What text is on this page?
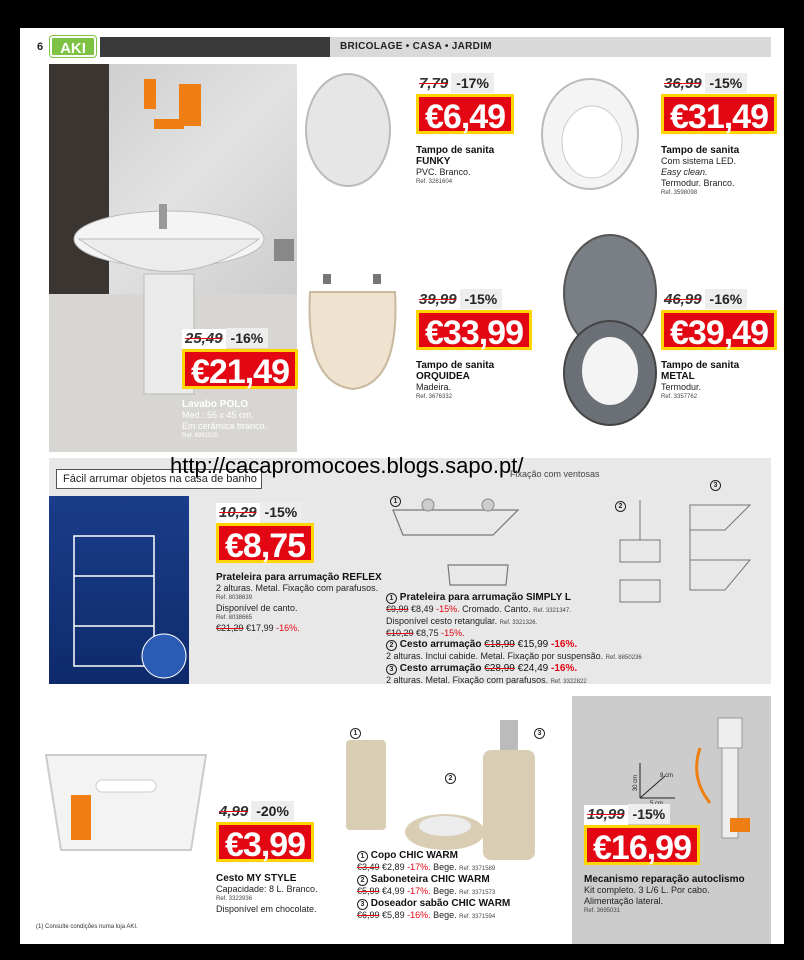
6	AKI	BRICOLAGE • CASA • JARDIM
25,49 -16%
€21,49
Lavabo POLO
Med.: 56 x 45 cm.
Em cerâmica branco.
Ref. 8991025
7,79 -17%
€6,49
Tampo de sanita
FUNKY
PVC. Branco.
Ref. 3261604
36,99 -15%
€31,49
Tampo de sanita
Com sistema LED.
Easy clean.
Termodur. Branco.
Ref. 3598098
39,99 -15%
€33,99
Tampo de sanita
ORQUIDEA
Madeira.
Ref. 3676332
46,99 -16%
€39,49
Tampo de sanita
METAL
Termodur.
Ref. 3357762
Fácil arrumar objetos na casa de banho
http://cacapromocoes.blogs.sapo.pt/
Fixação com ventosas
10,29 -15%
€8,75
Prateleira para arrumação REFLEX
2 alturas. Metal. Fixação com parafusos.
Ref. 8038639
Disponível de canto.
Ref. 8038665
€21,29 €17,99 -16%.
1
2
3
1 Prateleira para arrumação SIMPLY L
€9,99 €8,49 -15%. Cromado. Canto. Ref. 3321347.
Disponível cesto retangular. Ref. 3321326.
€10,29 €8,75 -15%.
2 Cesto arrumação €18,99 €15,99 -16%.
2 alturas. Inclui cabide. Metal. Fixação por suspensão. Ref. 8850236
3 Cesto arrumação €28,99 €24,49 -16%.
2 alturas. Metal. Fixação com parafusos. Ref. 3322822
4,99 -20%
€3,99
Cesto MY STYLE
Capacidade: 8 L. Branco.
Ref. 3323936
Disponível em chocolate.
1
2
3
1 Copo CHIC WARM
€3,49 €2,89 -17%. Bege. Ref. 3371589
2 Saboneteira CHIC WARM
€5,99 €4,99 -17%. Bege. Ref. 3371573
3 Doseador sabão CHIC WARM
€6,99 €5,89 -16%. Bege. Ref. 3371594
30 cm	9 cm
19,99 -15%
€16,99
Mecanismo reparação autoclismo
Kit completo. 3 L/6 L. Por cabo.
Alimentação lateral.
Ref. 3695031
(1) Consulte condições numa loja AKI.
